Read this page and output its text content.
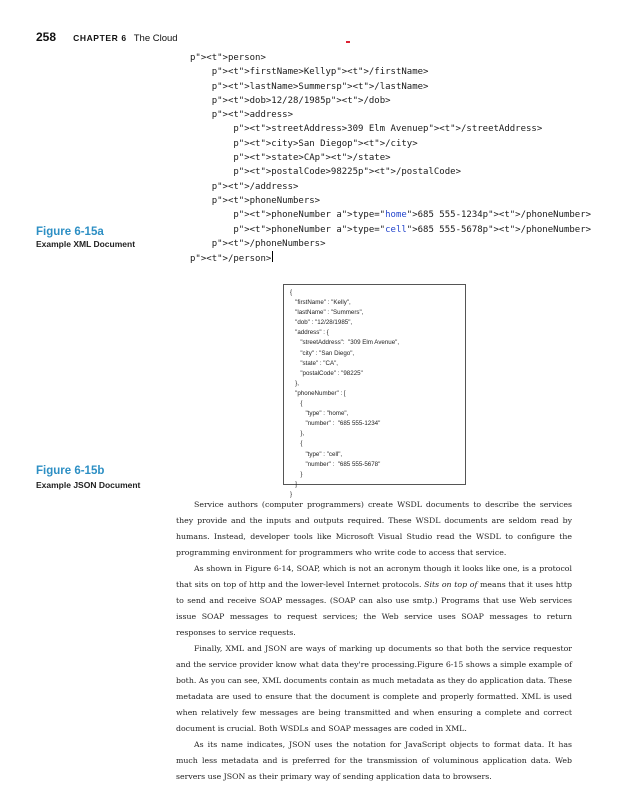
258 CHAPTER 6 The Cloud
p"><t">person>
p"><t">firstName>Kellyp"><t">/firstName>
p"><t">lastName>Summersp"><t">/lastName>
p"><t">dob>12/28/1985p"><t">/dob>
p"><t">address>
p"><t">streetAddress>309 Elm Avenuep"><t">/streetAddress>
p"><t">city>San Diegop"><t">/city>
p"><t">state>CAp"><t">/state>
p"><t">postalCode>98225p"><t">/postalCode>
p"><t">/address>
p"><t">phoneNumbers>
p"><t">phoneNumber a">type="home">685 555-1234p"><t">/phoneNumber>
p"><t">phoneNumber a">type="cell">685 555-5678p"><t">/phoneNumber>
p"><t">/phoneNumbers>
p"><t">/person>
Figure 6-15a
Example XML Document
{
"firstName" : "Kelly",
"lastName" : "Summers",
"dob" : "12/28/1985",
"address" : {
"streetAddress":  "309 Elm Avenue",
"city" : "San Diego",
"state" : "CA",
"postalCode" : "98225"
},
"phoneNumber" : [
{
"type" : "home",
"number" :  "685 555-1234"
},
{
"type" : "cell",
"number" :  "685 555-5678"
}
]
}
Figure 6-15b
Example JSON Document

Service authors (computer programmers) create WSDL documents to describe the services they provide and the inputs and outputs required. These WSDL documents are seldom read by humans. Instead, developer tools like Microsoft Visual Studio read the WSDL to configure the programming environment for programmers who write code to access that service.

As shown in Figure 6-14, SOAP, which is not an acronym though it looks like one, is a protocol that sits on top of http and the lower-level Internet protocols. Sits on top of means that it uses http to send and receive SOAP messages. (SOAP can also use smtp.) Programs that use Web services issue SOAP messages to request services; the Web service uses SOAP messages to return responses to service requests.

Finally, XML and JSON are ways of marking up documents so that both the service requestor and the service provider know what data they're processing.Figure 6-15 shows a simple example of both. As you can see, XML documents contain as much metadata as they do application data. These metadata are used to ensure that the document is complete and properly formatted. XML is used when relatively few messages are being transmitted and when ensuring a complete and correct document is crucial. Both WSDLs and SOAP messages are coded in XML.

As its name indicates, JSON uses the notation for JavaScript objects to format data. It has much less metadata and is preferred for the transmission of voluminous application data. Web servers use JSON as their primary way of sending application data to browsers.
